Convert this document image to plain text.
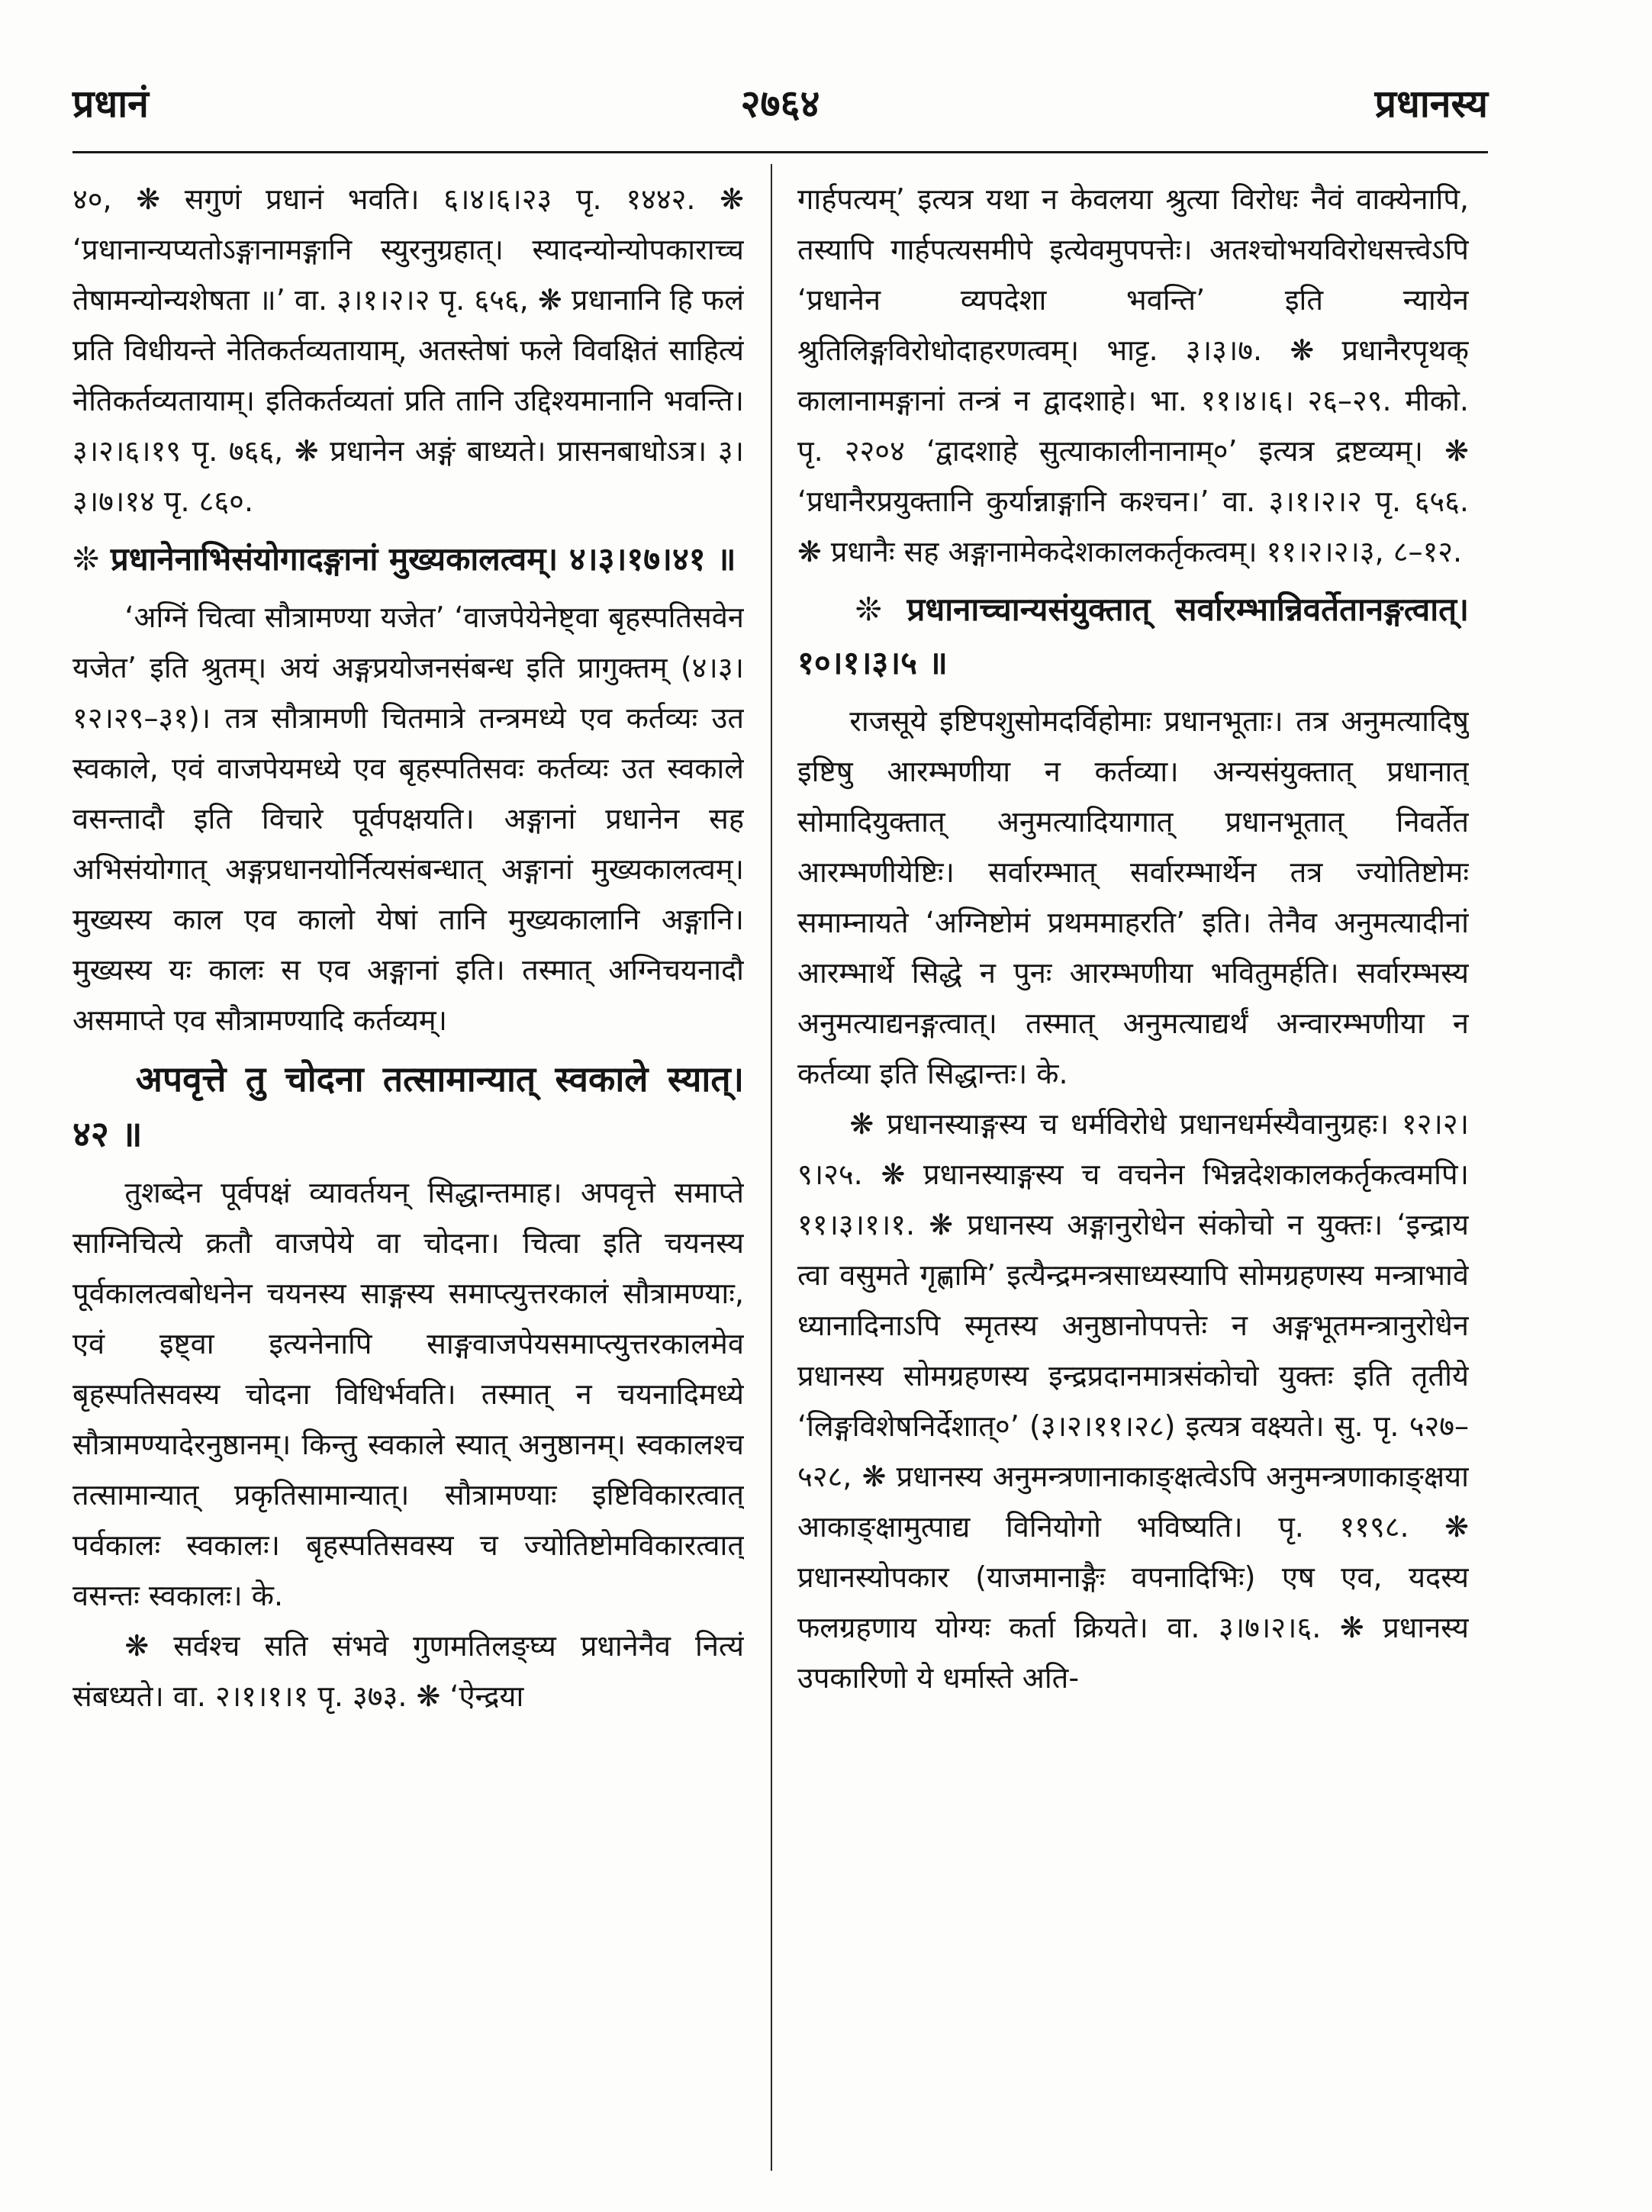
प्रधानं	२७६४	प्रधानस्य

४०, ❋ सगुणं प्रधानं भवति। ६।४।६।२३ पृ. १४४२. ❋ ‘प्रधानान्यप्यतोऽङ्गानामङ्गानि स्युरनुग्रहात्। स्यादन्योन्योपकाराच्च तेषामन्योन्यशेषता ॥’ वा. ३।१।२।२ पृ. ६५६, ❋ प्रधानानि हि फलं प्रति विधीयन्ते नेतिकर्तव्यतायाम्, अतस्तेषां फले विवक्षितं साहित्यं नेतिकर्तव्यतायाम्। इतिकर्तव्यतां प्रति तानि उद्दिश्यमानानि भवन्ति। ३।२।६।१९ पृ. ७६६, ❋ प्रधानेन अङ्गं बाध्यते। प्रासनबाधोऽत्र। ३।३।७।१४ पृ. ८६०.

❊ प्रधानेनाभिसंयोगादङ्गानां मुख्यकालत्वम्। ४।३।१७।४१ ॥

‘अग्निं चित्वा सौत्रामण्या यजेत’ ‘वाजपेयेनेष्ट्वा बृहस्पतिसवेन यजेत’ इति श्रुतम्। अयं अङ्गप्रयोजनसंबन्ध इति प्रागुक्तम् (४।३।१२।२९–३१)। तत्र सौत्रामणी चितमात्रे तन्त्रमध्ये एव कर्तव्यः उत स्वकाले, एवं वाजपेयमध्ये एव बृहस्पतिसवः कर्तव्यः उत स्वकाले वसन्तादौ इति विचारे पूर्वपक्षयति। अङ्गानां प्रधानेन सह अभिसंयोगात् अङ्गप्रधानयोर्नित्यसंबन्धात् अङ्गानां मुख्यकालत्वम्। मुख्यस्य काल एव कालो येषां तानि मुख्यकालानि अङ्गानि। मुख्यस्य यः कालः स एव अङ्गानां इति। तस्मात् अग्निचयनादौ असमाप्ते एव सौत्रामण्यादि कर्तव्यम्।

अपवृत्ते तु चोदना तत्सामान्यात् स्वकाले स्यात्। ४२ ॥

तुशब्देन पूर्वपक्षं व्यावर्तयन् सिद्धान्तमाह। अपवृत्ते समाप्ते साग्निचित्ये क्रतौ वाजपेये वा चोदना। चित्वा इति चयनस्य पूर्वकालत्वबोधनेन चयनस्य साङ्गस्य समाप्त्युत्तरकालं सौत्रामण्याः, एवं इष्ट्वा इत्यनेनापि साङ्गवाजपेयसमाप्त्युत्तरकालमेव बृहस्पतिसवस्य चोदना विधिर्भवति। तस्मात् न चयनादिमध्ये सौत्रामण्यादेरनुष्ठानम्। किन्तु स्वकाले स्यात् अनुष्ठानम्। स्वकालश्च तत्सामान्यात् प्रकृतिसामान्यात्। सौत्रामण्याः इष्टिविकारत्वात् पर्वकालः स्वकालः। बृहस्पतिसवस्य च ज्योतिष्टोमविकारत्वात् वसन्तः स्वकालः। के.

❋ सर्वश्च सति संभवे गुणमतिलङ्घ्य प्रधानेनैव नित्यं संबध्यते। वा. २।१।१।१ पृ. ३७३. ❋ ‘ऐन्द्रया

गार्हपत्यम्’ इत्यत्र यथा न केवलया श्रुत्या विरोधः नैवं वाक्येनापि, तस्यापि गार्हपत्यसमीपे इत्येवमुपपत्तेः। अतश्चोभयविरोधसत्त्वेऽपि ‘प्रधानेन व्यपदेशा भवन्ति’ इति न्यायेन श्रुतिलिङ्गविरोधोदाहरणत्वम्। भाट्ट. ३।३।७. ❋ प्रधानैरपृथक् कालानामङ्गानां तन्त्रं न द्वादशाहे। भा. ११।४।६। २६–२९. मीको. पृ. २२०४ ‘द्वादशाहे सुत्याकालीनानाम्०’ इत्यत्र द्रष्टव्यम्। ❋ ‘प्रधानैरप्रयुक्तानि कुर्यान्नाङ्गानि कश्चन।’ वा. ३।१।२।२ पृ. ६५६. ❋ प्रधानैः सह अङ्गानामेकदेशकालकर्तृकत्वम्। ११।२।२।३, ८–१२.

❊ प्रधानाच्चान्यसंयुक्तात् सर्वारम्भान्निवर्तेतानङ्गत्वात्। १०।१।३।५ ॥

राजसूये इष्टिपशुसोमदर्विहोमाः प्रधानभूताः। तत्र अनुमत्यादिषु इष्टिषु आरम्भणीया न कर्तव्या। अन्यसंयुक्तात् प्रधानात् सोमादियुक्तात् अनुमत्यादियागात् प्रधानभूतात् निवर्तेत आरम्भणीयेष्टिः। सर्वारम्भात् सर्वारम्भार्थेन तत्र ज्योतिष्टोमः समाम्नायते ‘अग्निष्टोमं प्रथममाहरति’ इति। तेनैव अनुमत्यादीनां आरम्भार्थे सिद्धे न पुनः आरम्भणीया भवितुमर्हति। सर्वारम्भस्य अनुमत्याद्यनङ्गत्वात्। तस्मात् अनुमत्याद्यर्थं अन्वारम्भणीया न कर्तव्या इति सिद्धान्तः। के.

❋ प्रधानस्याङ्गस्य च धर्मविरोधे प्रधानधर्मस्यैवानुग्रहः। १२।२।९।२५. ❋ प्रधानस्याङ्गस्य च वचनेन भिन्नदेशकालकर्तृकत्वमपि। ११।३।१।१. ❋ प्रधानस्य अङ्गानुरोधेन संकोचो न युक्तः। ‘इन्द्राय त्वा वसुमते गृह्णामि’ इत्यैन्द्रमन्त्रसाध्यस्यापि सोमग्रहणस्य मन्त्राभावे ध्यानादिनाऽपि स्मृतस्य अनुष्ठानोपपत्तेः न अङ्गभूतमन्त्रानुरोधेन प्रधानस्य सोमग्रहणस्य इन्द्रप्रदानमात्रसंकोचो युक्तः इति तृतीये ‘लिङ्गविशेषनिर्देशात्०’ (३।२।११।२८) इत्यत्र वक्ष्यते। सु. पृ. ५२७–५२८, ❋ प्रधानस्य अनुमन्त्रणानाकाङ्क्षत्वेऽपि अनुमन्त्रणाकाङ्क्षया आकाङ्क्षामुत्पाद्य विनियोगो भविष्यति। पृ. ११९८. ❋ प्रधानस्योपकार (याजमानाङ्गैः वपनादिभिः) एष एव, यदस्य फलग्रहणाय योग्यः कर्ता क्रियते। वा. ३।७।२।६. ❋ प्रधानस्य उपकारिणो ये धर्मास्ते अति-
